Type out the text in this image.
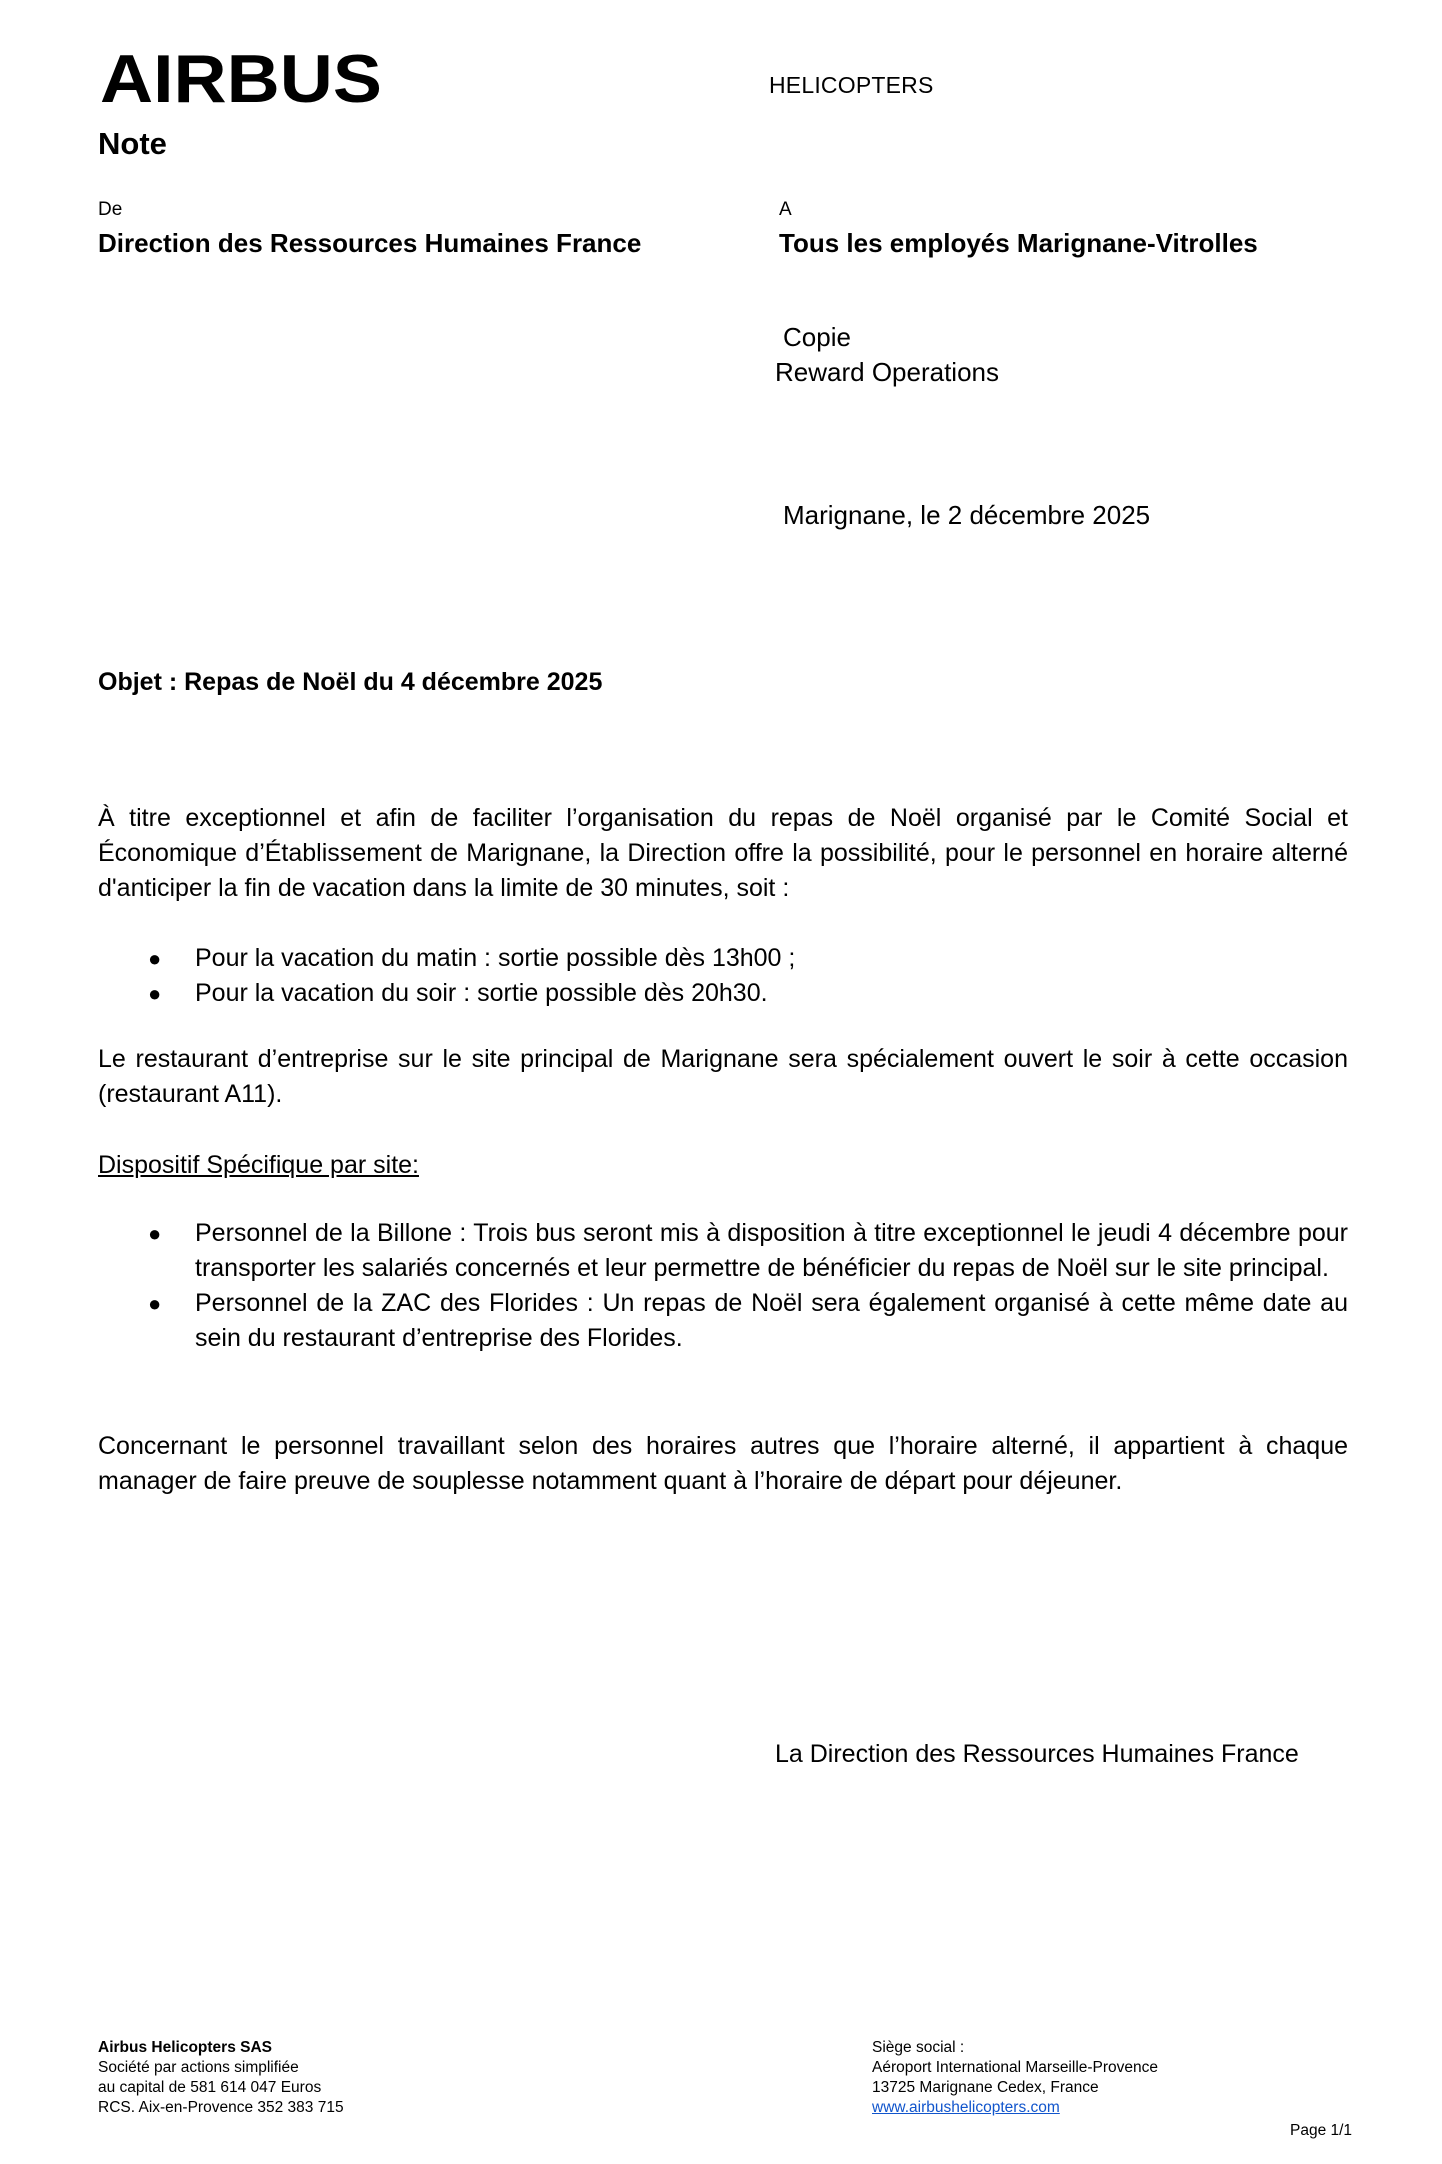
AIRBUS	HELICOPTERS
Note
De
Direction des Ressources Humaines France
A
Tous les employés Marignane-Vitrolles
Copie
Reward Operations
Marignane, le 2 décembre 2025
Objet : Repas de Noël du 4 décembre 2025

À titre exceptionnel et afin de faciliter l’organisation du repas de Noël organisé par le Comité Social et Économique d’Établissement de Marignane, la Direction offre la possibilité, pour le personnel en horaire alterné d'anticiper la fin de vacation dans la limite de 30 minutes, soit :

● Pour la vacation du matin : sortie possible dès 13h00 ;
● Pour la vacation du soir : sortie possible dès 20h30.

Le restaurant d’entreprise sur le site principal de Marignane sera spécialement ouvert le soir à cette occasion (restaurant A11).

Dispositif Spécifique par site:
● Personnel de la Billone : Trois bus seront mis à disposition à titre exceptionnel le jeudi 4 décembre pour transporter les salariés concernés et leur permettre de bénéficier du repas de Noël sur le site principal.
● Personnel de la ZAC des Florides : Un repas de Noël sera également organisé à cette même date au sein du restaurant d’entreprise des Florides.

Concernant le personnel travaillant selon des horaires autres que l’horaire alterné, il appartient à chaque manager de faire preuve de souplesse notamment quant à l’horaire de départ pour déjeuner.

La Direction des Ressources Humaines France
Airbus Helicopters SAS
Société par actions simplifiée
au capital de 581 614 047 Euros
RCS. Aix-en-Provence 352 383 715
Siège social :
Aéroport International Marseille-Provence
13725 Marignane Cedex, France
www.airbushelicopters.com
Page 1/1
